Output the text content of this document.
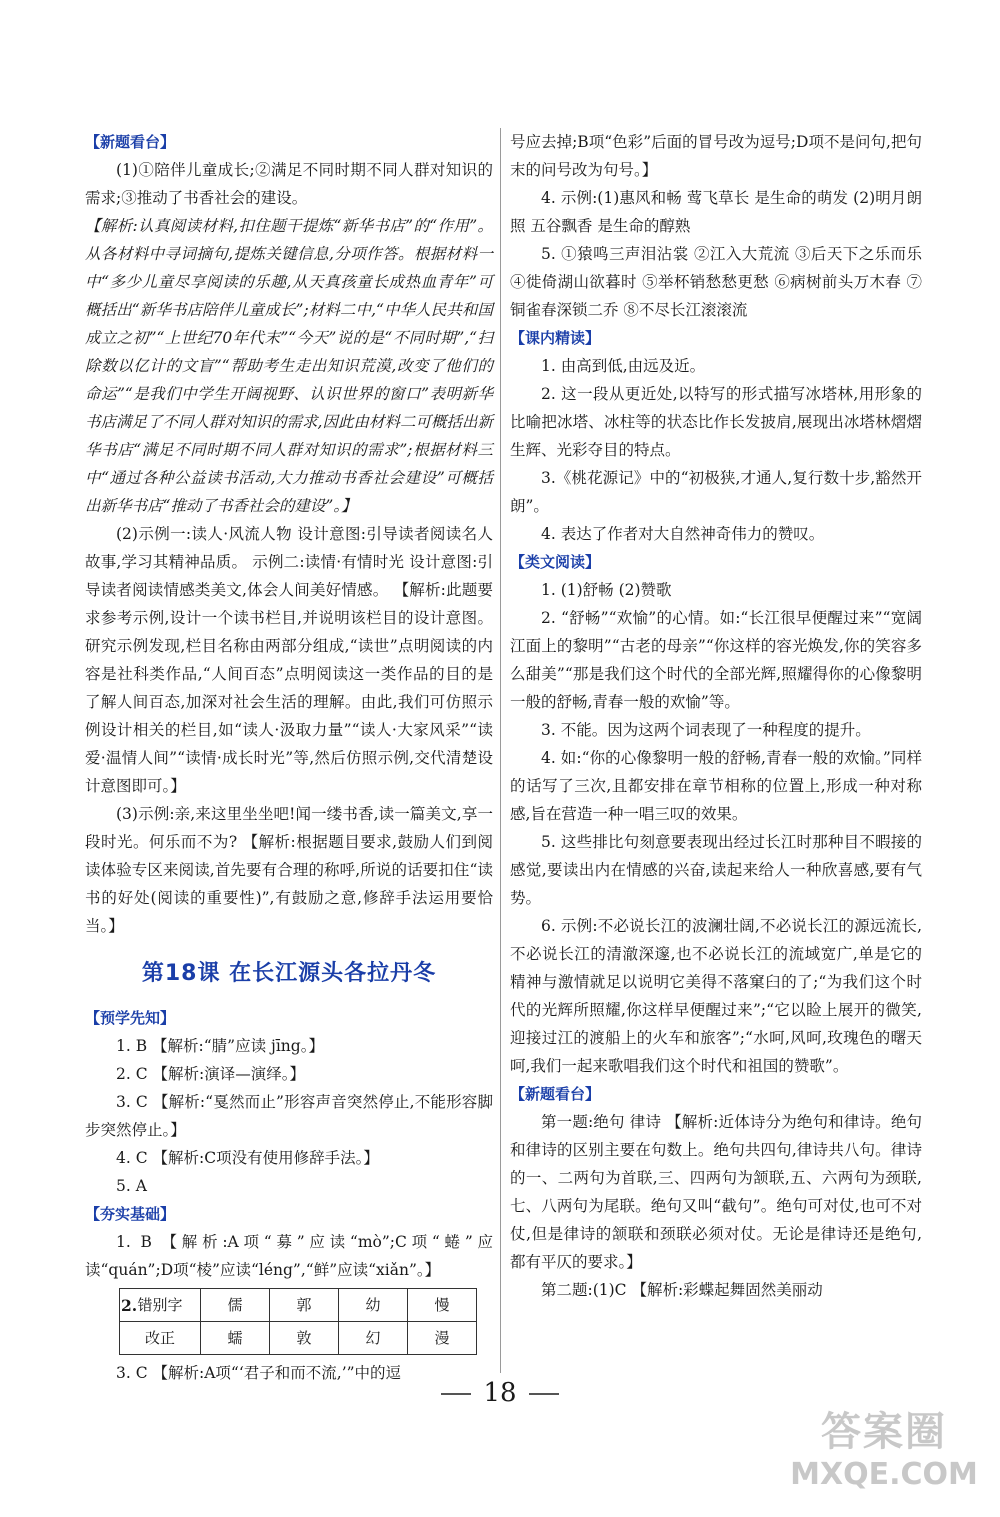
【新题看台】

(1)①陪伴儿童成长;②满足不同时期不同人群对知识的需求;③推动了书香社会的建设。

【解析:认真阅读材料,扣住题干提炼“新华书店”的“作用”。从各材料中寻词摘句,提炼关键信息,分项作答。根据材料一中“多少儿童尽享阅读的乐趣,从天真孩童长成热血青年”可概括出“新华书店陪伴儿童成长”;材料二中,“中华人民共和国成立之初”“上世纪70年代末”“今天”说的是“不同时期”,“扫除数以亿计的文盲”“帮助考生走出知识荒漠,改变了他们的命运”“是我们中学生开阔视野、认识世界的窗口”表明新华书店满足了不同人群对知识的需求,因此由材料二可概括出新华书店“满足不同时期不同人群对知识的需求”;根据材料三中“通过各种公益读书活动,大力推动书香社会建设”可概括出新华书店“推动了书香社会的建设”。】

(2)示例一:读人·风流人物 设计意图:引导读者阅读名人故事,学习其精神品质。 示例二:读情·有情时光 设计意图:引导读者阅读情感类美文,体会人间美好情感。 【解析:此题要求参考示例,设计一个读书栏目,并说明该栏目的设计意图。研究示例发现,栏目名称由两部分组成,“读世”点明阅读的内容是社科类作品,“人间百态”点明阅读这一类作品的目的是了解人间百态,加深对社会生活的理解。由此,我们可仿照示例设计相关的栏目,如“读人·汲取力量”“读人·大家风采”“读爱·温情人间”“读情·成长时光”等,然后仿照示例,交代清楚设计意图即可。】

(3)示例:亲,来这里坐坐吧!闻一缕书香,读一篇美文,享一段时光。何乐而不为? 【解析:根据题目要求,鼓励人们到阅读体验专区来阅读,首先要有合理的称呼,所说的话要扣住“读书的好处(阅读的重要性)”,有鼓励之意,修辞手法运用要恰当。】

第18课 在长江源头各拉丹冬
【预学先知】

1. B 【解析:“腈”应读 jīng。】

2. C 【解析:演译—演绎。】

3. C 【解析:“戛然而止”形容声音突然停止,不能形容脚步突然停止。】

4. C 【解析:C项没有使用修辞手法。】

5. A

【夯实基础】

1. B 【解析:A项“募”应读“mò”;C项“蜷”应读“quán”;D项“棱”应读“léng”,“鲜”应读“xiǎn”。】

2. 错别字	儒	郭	幼	慢
改正	蠕	敦	幻	漫

3. C 【解析:A项“‘君子和而不流,’”中的逗

号应去掉;B项“色彩”后面的冒号改为逗号;D项不是问句,把句末的问号改为句号。】

4. 示例:(1)惠风和畅 莺飞草长 是生命的萌发 (2)明月朗照 五谷飘香 是生命的醇熟

5. ①猿鸣三声泪沾裳 ②江入大荒流 ③后天下之乐而乐 ④徙倚湖山欲暮时 ⑤举杯销愁愁更愁 ⑥病树前头万木春 ⑦铜雀春深锁二乔 ⑧不尽长江滚滚流

【课内精读】

1. 由高到低,由远及近。

2. 这一段从更近处,以特写的形式描写冰塔林,用形象的比喻把冰塔、冰柱等的状态比作长发披肩,展现出冰塔林熠熠生辉、光彩夺目的特点。

3.《桃花源记》中的“初极狭,才通人,复行数十步,豁然开朗”。

4. 表达了作者对大自然神奇伟力的赞叹。

【类文阅读】

1. (1)舒畅 (2)赞歌

2. “舒畅”“欢愉”的心情。如:“长江很早便醒过来”“宽阔江面上的黎明”“古老的母亲”“你这样的容光焕发,你的笑容多么甜美”“那是我们这个时代的全部光辉,照耀得你的心像黎明一般的舒畅,青春一般的欢愉”等。

3. 不能。因为这两个词表现了一种程度的提升。

4. 如:“你的心像黎明一般的舒畅,青春一般的欢愉。”同样的话写了三次,且都安排在章节相称的位置上,形成一种对称感,旨在营造一种一唱三叹的效果。

5. 这些排比句刻意要表现出经过长江时那种目不暇接的感觉,要读出内在情感的兴奋,读起来给人一种欣喜感,要有气势。

6. 示例:不必说长江的波澜壮阔,不必说长江的源远流长,不必说长江的清澈深邃,也不必说长江的流域宽广,单是它的精神与激情就足以说明它美得不落窠臼的了;“为我们这个时代的光辉所照耀,你这样早便醒过来”;“它以睑上展开的微笑,迎接过江的渡船上的火车和旅客”;“水呵,风呵,玫瑰色的曙天呵,我们一起来歌唱我们这个时代和祖国的赞歌”。

【新题看台】

第一题:绝句 律诗 【解析:近体诗分为绝句和律诗。绝句和律诗的区别主要在句数上。绝句共四句,律诗共八句。律诗的一、二两句为首联,三、四两句为颔联,五、六两句为颈联,七、八两句为尾联。绝句又叫“截句”。绝句可对仗,也可不对仗,但是律诗的颔联和颈联必须对仗。无论是律诗还是绝句,都有平仄的要求。】

第二题:(1)C 【解析:彩蝶起舞固然美丽动

18
答案圈
MXQE.COM
